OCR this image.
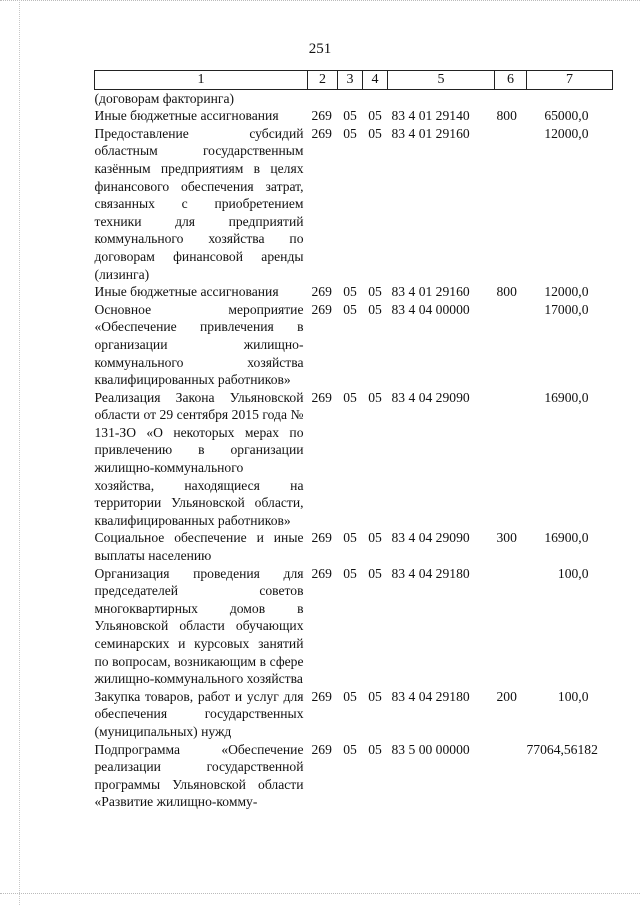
251
1	2	3	4	5	6	7
(договорам факторинга)						
Иные бюджетные ассигнования	269	05	05	83 4 01 29140	800	65000,0
Предоставление субсидий областным государственным казённым предприятиям в целях финансового обеспечения затрат, связанных с приобретением техники для предприятий коммунального хозяйства по договорам финансовой аренды (лизинга)	269	05	05	83 4 01 29160		12000,0
Иные бюджетные ассигнования	269	05	05	83 4 01 29160	800	12000,0
Основное мероприятие «Обеспечение привлечения в организации жилищно-коммунального хозяйства квалифицированных работников»	269	05	05	83 4 04 00000		17000,0
Реализация Закона Ульяновской области от 29 сентября 2015 года № 131-ЗО «О некоторых мерах по привлечению в организации жилищно-коммунального хозяйства, находящиеся на территории Ульяновской области, квалифицированных работников»	269	05	05	83 4 04 29090		16900,0
Социальное обеспечение и иные выплаты населению	269	05	05	83 4 04 29090	300	16900,0
Организация проведения для председателей советов многоквартирных домов в Ульяновской области обучающих семинарских и курсовых занятий по вопросам, возникающим в сфере жилищно-коммунального хозяйства	269	05	05	83 4 04 29180		100,0
Закупка товаров, работ и услуг для обеспечения государственных (муниципальных) нужд	269	05	05	83 4 04 29180	200	100,0
Подпрограмма «Обеспечение реализации государственной программы Ульяновской области «Развитие жилищно-комму-	269	05	05	83 5 00 00000		77064,56182
